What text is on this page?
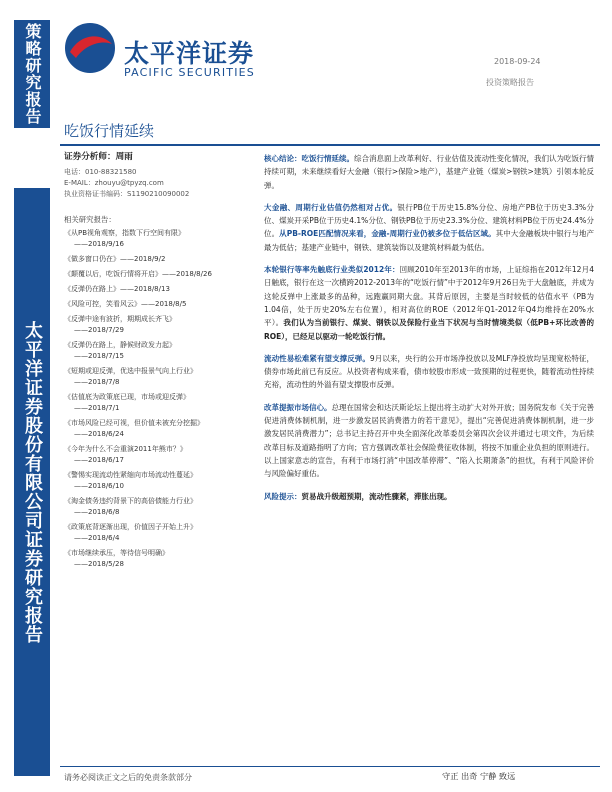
策略研究报告
太平洋证券股份有限公司证券研究报告
太平洋证券
PACIFIC SECURITIES
2018-09-24
投资策略报告
吃饭行情延续
证券分析师：周雨
电话：010-88321580
E-MAIL：zhouyu@tpyzq.com
执业资格证书编码：S1190210090002
相关研究报告：
《从PB视角观察，指数下行空间有限》
——2018/9/16
《做多窗口仍在》——2018/9/2
《颠覆以后，吃饭行情将开启》——2018/8/26
《反弹仍在路上》——2018/8/13
《风险可控，笑看风云》——2018/8/5
《反弹中途有波折，期期成长齐飞》
——2018/7/29
《反弹仍在路上，静候财政发力起》
——2018/7/15
《短期或迎反弹，优选中报景气向上行业》
——2018/7/8
《估值底为政策底已现，市场或迎反弹》
——2018/7/1
《市场风险已经可视，但价值未被充分挖掘》
——2018/6/24
《今年为什么不会重演2011年熊市？》
——2018/6/17
《警惕实现流动性紧缩向市场流动性蔓延》
——2018/6/10
《淘金债务违约背景下的高倍债能力行业》
——2018/6/8
《政策底背逐渐出现，价值因子开始上升》
——2018/6/4
《市场继续承压，等待信号明确》
——2018/5/28

核心结论：吃饭行情延续。综合消息面上改革利好、行业估值及流动性变化情况，我们认为吃饭行情持续可期，未来继续看好大金融（银行>保险>地产），基建产业链（煤炭>钢铁>建筑）引领本轮反弹。

大金融、周期行业估值仍然相对占优。银行PB位于历史15.8%分位、房地产PB位于历史3.3%分位、煤炭开采PB位于历史4.1%分位、钢铁PB位于历史23.3%分位、建筑材料PB位于历史24.4%分位。从PB-ROE匹配情况来看，金融-周期行业仍被多位于低估区域。其中大金融板块中银行与地产最为低估；基建产业链中，钢铁、建筑装饰以及建筑材料最为低估。

本轮银行等率先触底行业类似2012年：回顾2010年至2013年的市场，上证综指在2012年12月4日触底，银行在这一次横跨2012-2013年的“吃饭行情”中于2012年9月26日先于大盘触底，并成为这轮反弹中上涨最多的品种，远跑赢同期大盘。其背后原因，主要是当时较低的估值水平（PB为1.04倍，处于历史20%左右位置），相对高位的ROE（2012年Q1-2012年Q4均维持在20%水平）。我们认为当前银行、煤炭、钢铁以及保险行业当下状况与当时情境类似（低PB+环比改善的ROE），已经足以驱动一轮吃饭行情。

流动性易松难紧有望支撑反弹。9月以来，央行的公开市场净投放以及MLF净投放均呈现宽松特征，债券市场此前已有反应。从投资者构成来看，债市较股市形成一致预期的过程更快，随着流动性持续充裕，流动性的外溢有望支撑股市反弹。

改革提振市场信心。总理在国常会和达沃斯论坛上提出将主动扩大对外开放；国务院发布《关于完善促进消费体制机制，进一步激发居民消费潜力的若干意见》，提出“完善促进消费体制机制，进一步激发居民消费潜力”；总书记主持召开中央全面深化改革委员会第四次会议并通过七项文件，为后续改革目标及道路指明了方向；官方强调改革社会保险费征收体制，将按不加重企业负担的原则进行。以上国家意志的宣告，有利于市场打消“中国改革停滞”、“陷入长期萧条”的担忧，有利于风险评价与风险偏好重估。

风险提示：贸易战升级超预期，流动性骤紧，滞胀出现。

请务必阅读正文之后的免责条款部分	守正 出奇 宁静 致远
